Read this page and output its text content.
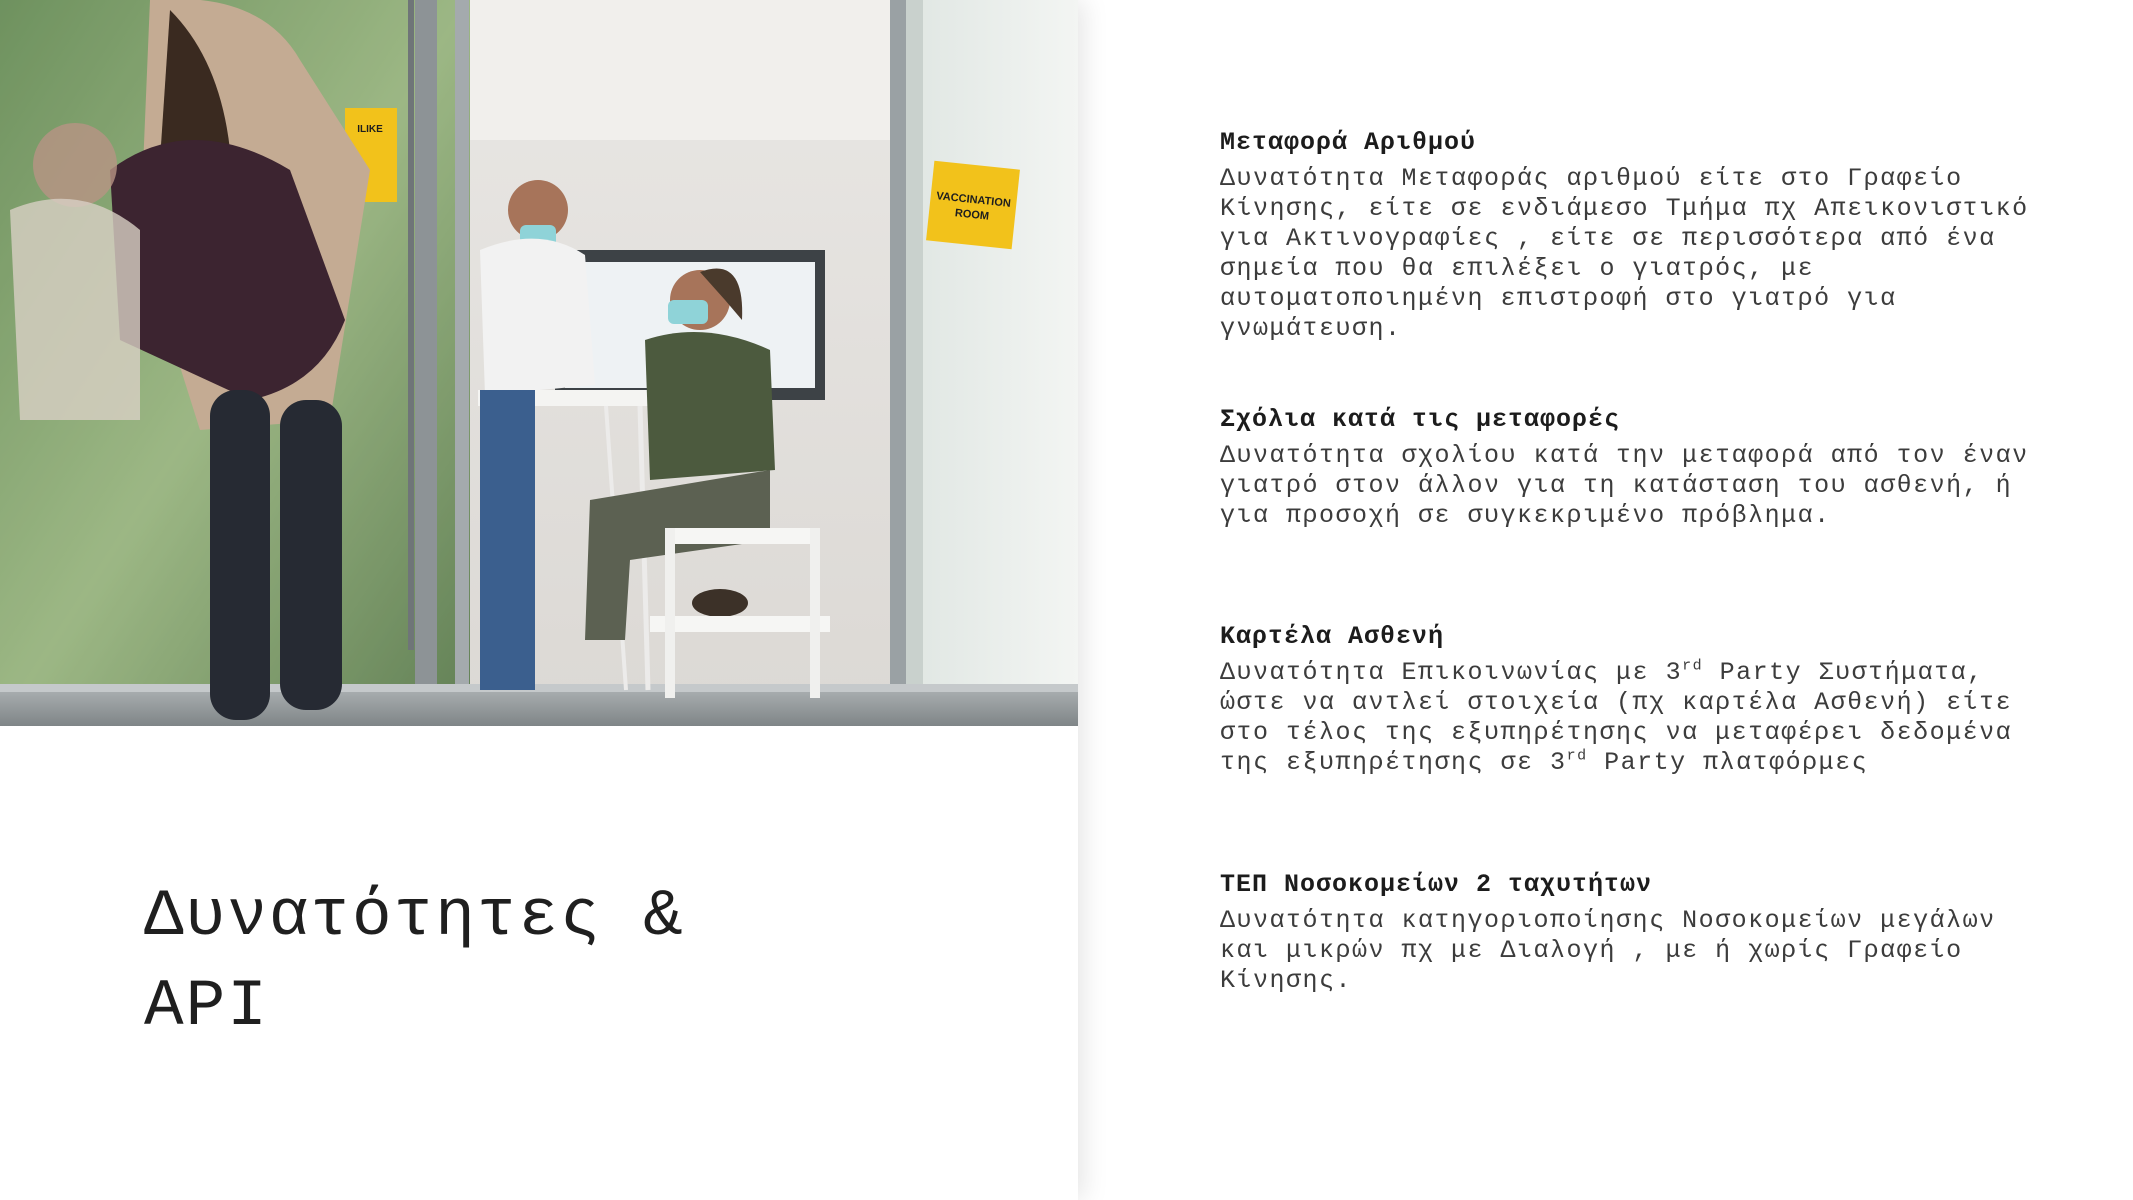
VACCINATION
ROOM
ILIKE
Δυνατότητες &
API

Μεταφορά Αριθμού

Δυνατότητα Μεταφοράς αριθμού είτε στο Γραφείο Κίνησης, είτε σε ενδιάμεσο Τμήμα πχ Απεικονιστικό για Ακτινογραφίες , είτε σε περισσότερα από ένα σημεία που θα επιλέξει ο γιατρός, με αυτοματοποιημένη επιστροφή στο γιατρό για γνωμάτευση.

Σχόλια κατά τις μεταφορές

Δυνατότητα σχολίου κατά την μεταφορά από τον έναν γιατρό στον άλλον για τη κατάσταση του ασθενή, ή για προσοχή σε συγκεκριμένο πρόβλημα.

Καρτέλα Ασθενή

Δυνατότητα Επικοινωνίας με 3rd Party Συστήματα, ώστε να αντλεί στοιχεία (πχ καρτέλα Ασθενή) είτε στο τέλος της εξυπηρέτησης να μεταφέρει δεδομένα της εξυπηρέτησης σε 3rd Party πλατφόρμες

ΤΕΠ Νοσοκομείων 2 ταχυτήτων

Δυνατότητα κατηγοριοποίησης Νοσοκομείων μεγάλων και μικρών πχ με Διαλογή , με ή χωρίς Γραφείο Κίνησης.
